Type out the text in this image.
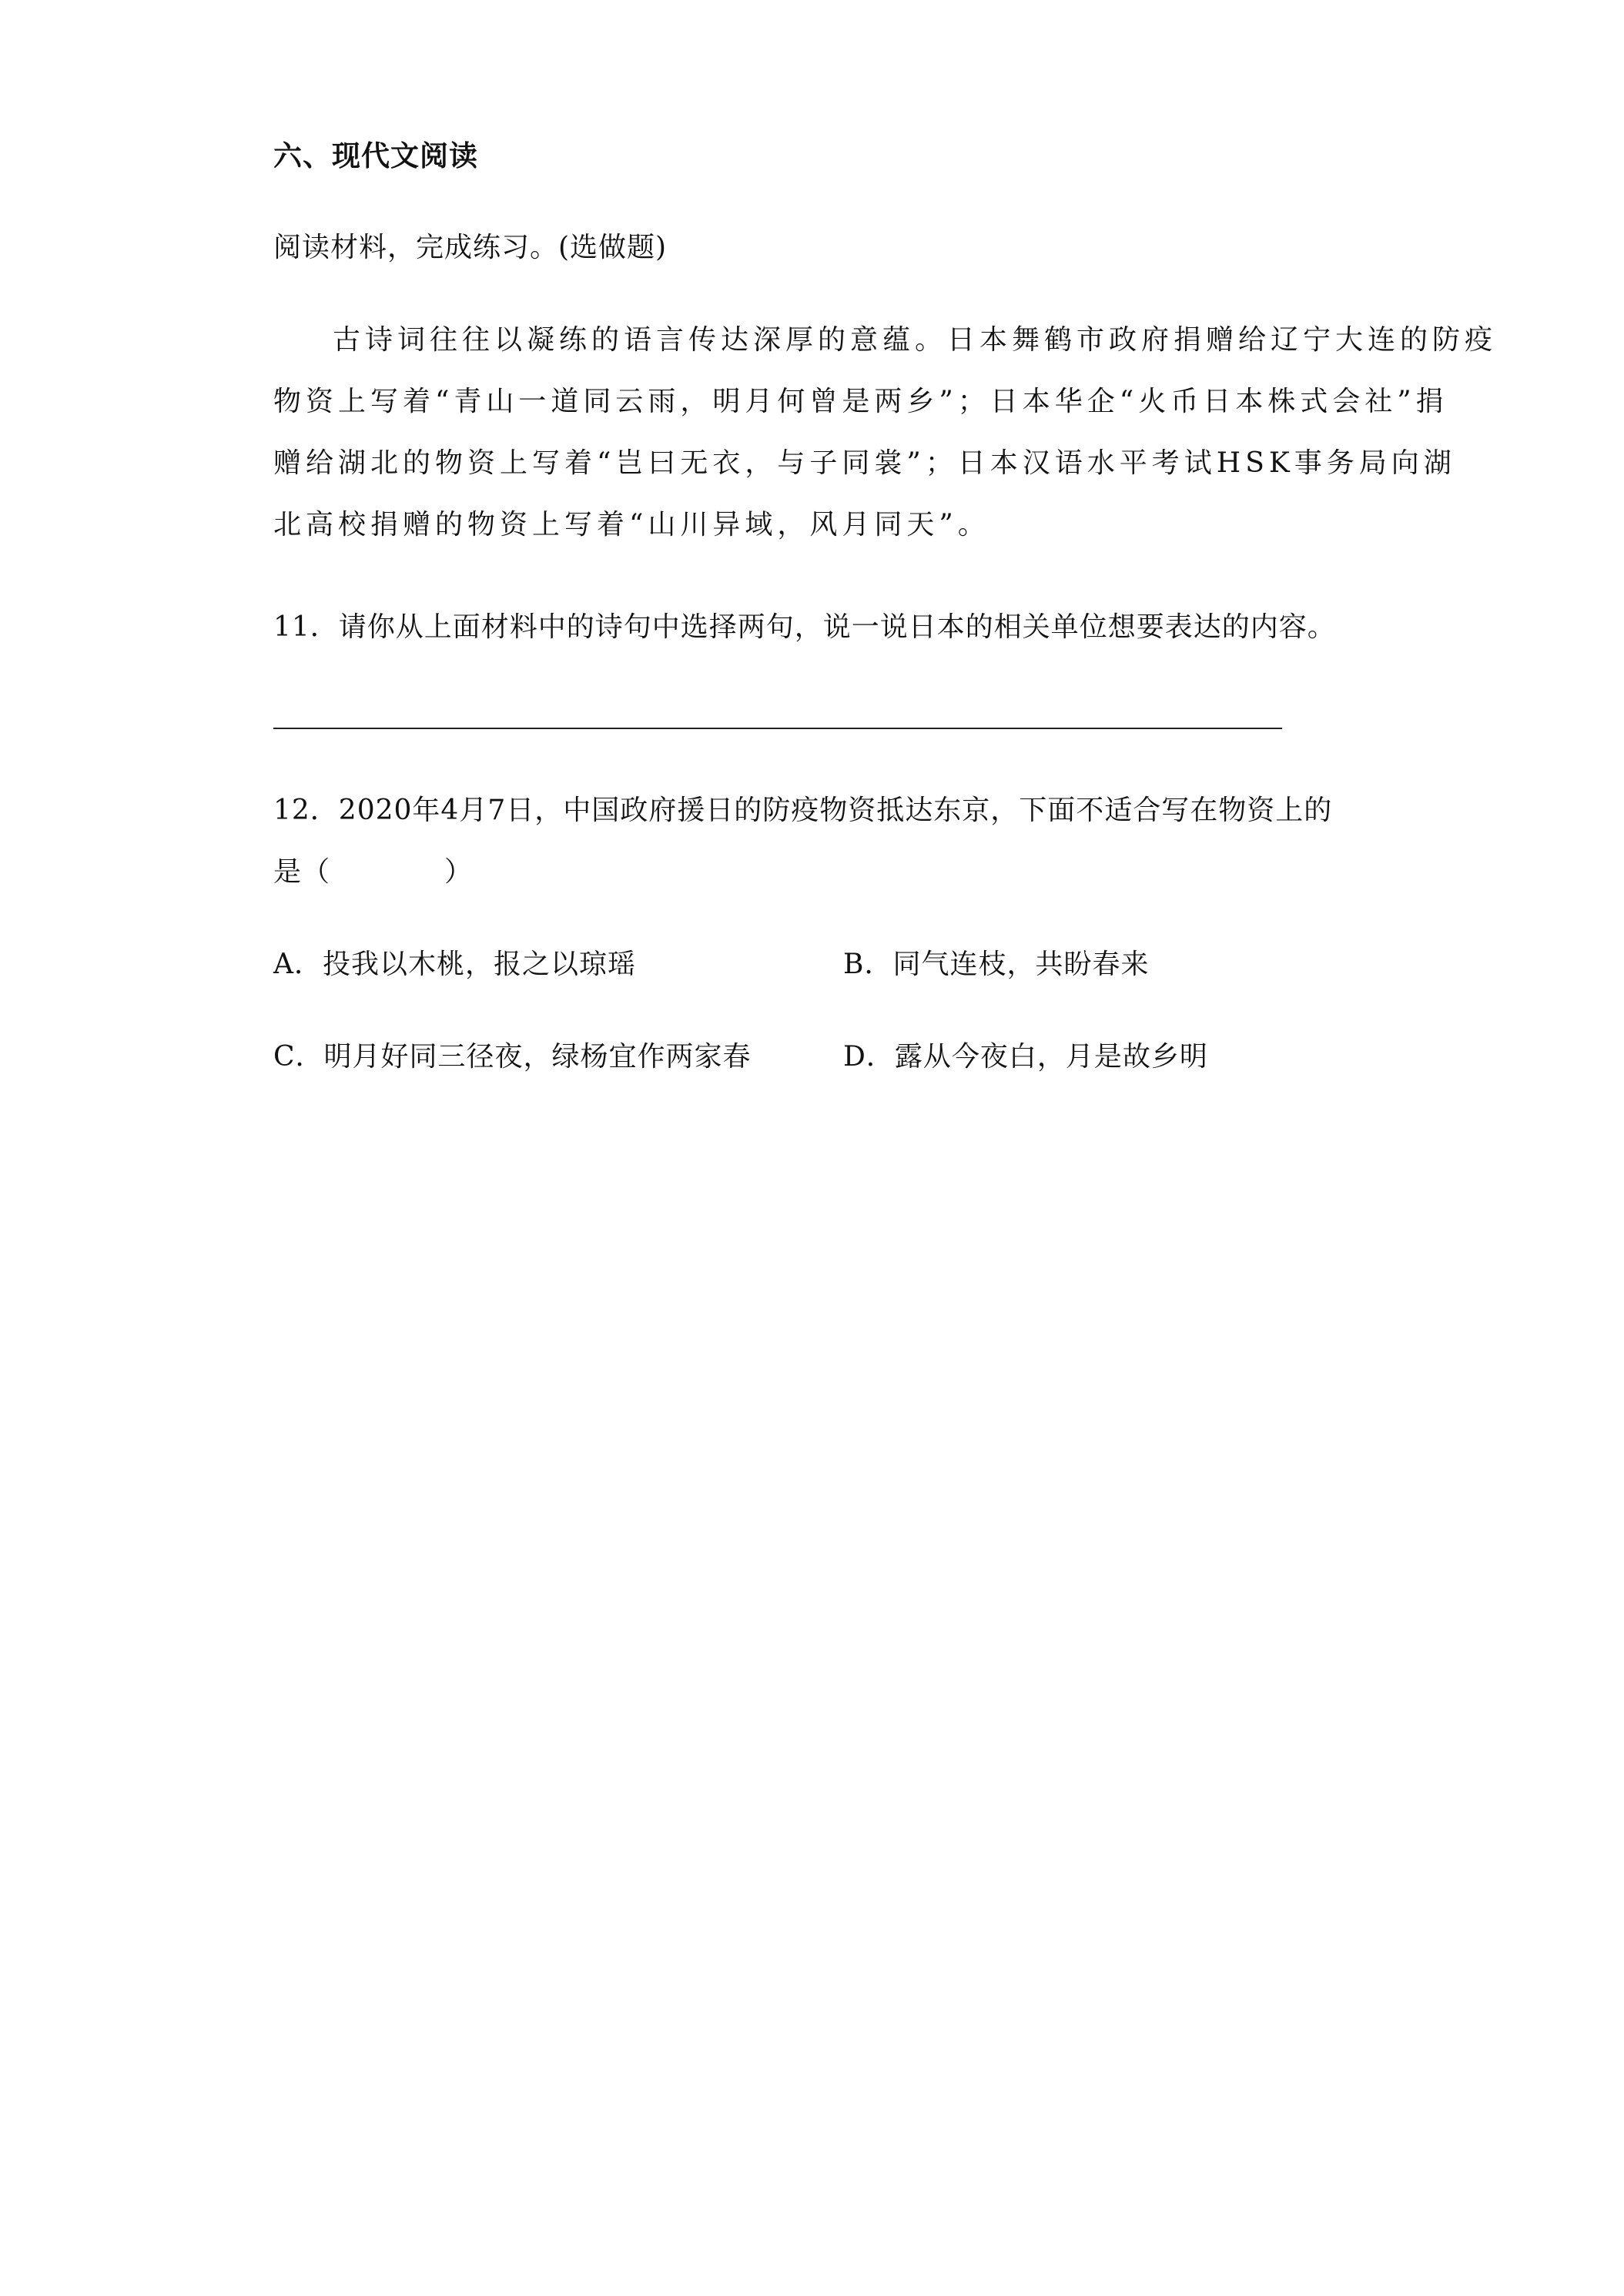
六、现代文阅读
阅读材料，完成练习。(选做题)
古诗词往往以凝练的语言传达深厚的意蕴。日本舞鹤市政府捐赠给辽宁大连的防疫
物资上写着“青山一道同云雨，明月何曾是两乡”；日本华企“火币日本株式会社”捐
赠给湖北的物资上写着“岂曰无衣，与子同裳”；日本汉语水平考试HSK事务局向湖
北高校捐赠的物资上写着“山川异域，风月同天”。
11．请你从上面材料中的诗句中选择两句，说一说日本的相关单位想要表达的内容。
12．2020年4月7日，中国政府援日的防疫物资抵达东京，下面不适合写在物资上的
是（　　　　）
A．投我以木桃，报之以琼瑶	B．同气连枝，共盼春来
C．明月好同三径夜，绿杨宜作两家春	D．露从今夜白，月是故乡明
